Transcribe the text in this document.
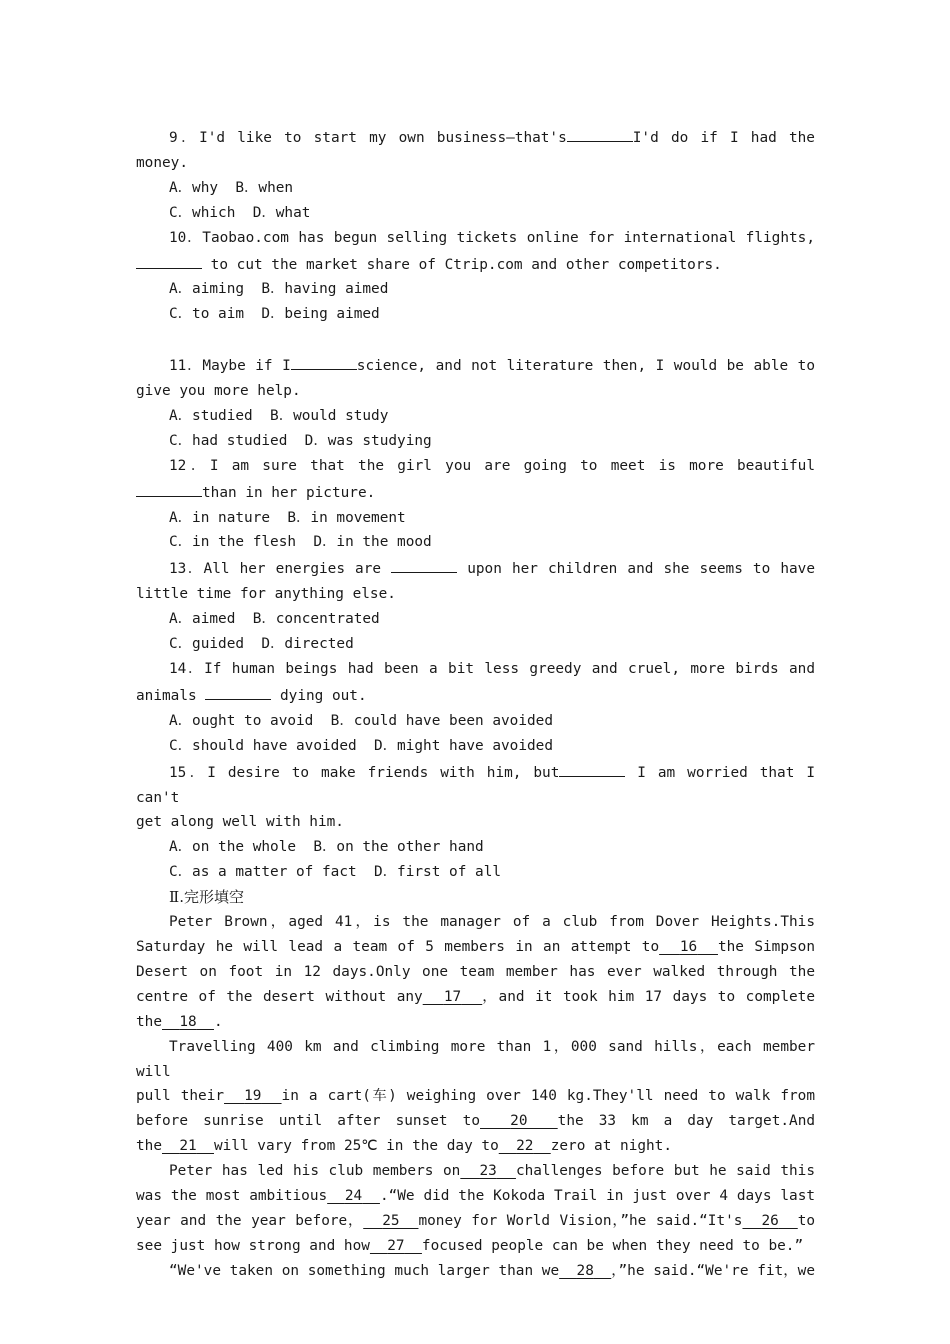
9．I'd like to start my own business—that's	I'd do if I had the

money.

A．why  B．when

C．which  D．what

10．Taobao.com has begun selling tickets online for international flights,

to cut the market share of Ctrip.com and other competitors.

A．aiming  B．having aimed

C．to aim  D．being aimed

11．Maybe if I	science, and not literature then, I would be able to

give you more help.

A．studied  B．would study

C．had studied  D．was studying

12．I am sure that the girl you are going to meet is more beautiful

than in her picture.

A．in nature  B．in movement

C．in the flesh  D．in the mood

13．All her energies are	upon her children and she seems to have

little time for anything else.

A．aimed  B．concentrated

C．guided  D．directed

14．If human beings had been a bit less greedy and cruel, more birds and

animals	dying out.

A．ought to avoid  B．could have been avoided

C．should have avoided  D．might have avoided

15．I desire to make friends with him, but	I am worried that I can't

get along well with him.

A．on the whole  B．on the other hand

C．as a matter of fact  D．first of all

Ⅱ.完形填空

Peter Brown，aged 41，is the manager of a club from Dover Heights.This

Saturday he will lead a team of 5 members in an attempt to 16 the Simpson

Desert on foot in 12 days.Only one team member has ever walked through the

centre of the desert without any 17 ，and it took him 17 days to complete

the 18 .

Travelling 400 km and climbing more than 1，000 sand hills，each member will

pull their 19 in a cart(车) weighing over 140 kg.They'll need to walk from

before sunrise until after sunset to 20 the 33 km a day target.And

the 21 will vary from 25℃ in the day to 22 zero at night.

Peter has led his club members on 23 challenges before but he said this

was the most ambitious 24 .“We did the Kokoda Trail in just over 4 days last

year and the year before， 25 money for World Vision，”he said.“It's 26 to

see just how strong and how 27 focused people can be when they need to be.”

“We've taken on something much larger than we 28 ，”he said.“We're fit，we
